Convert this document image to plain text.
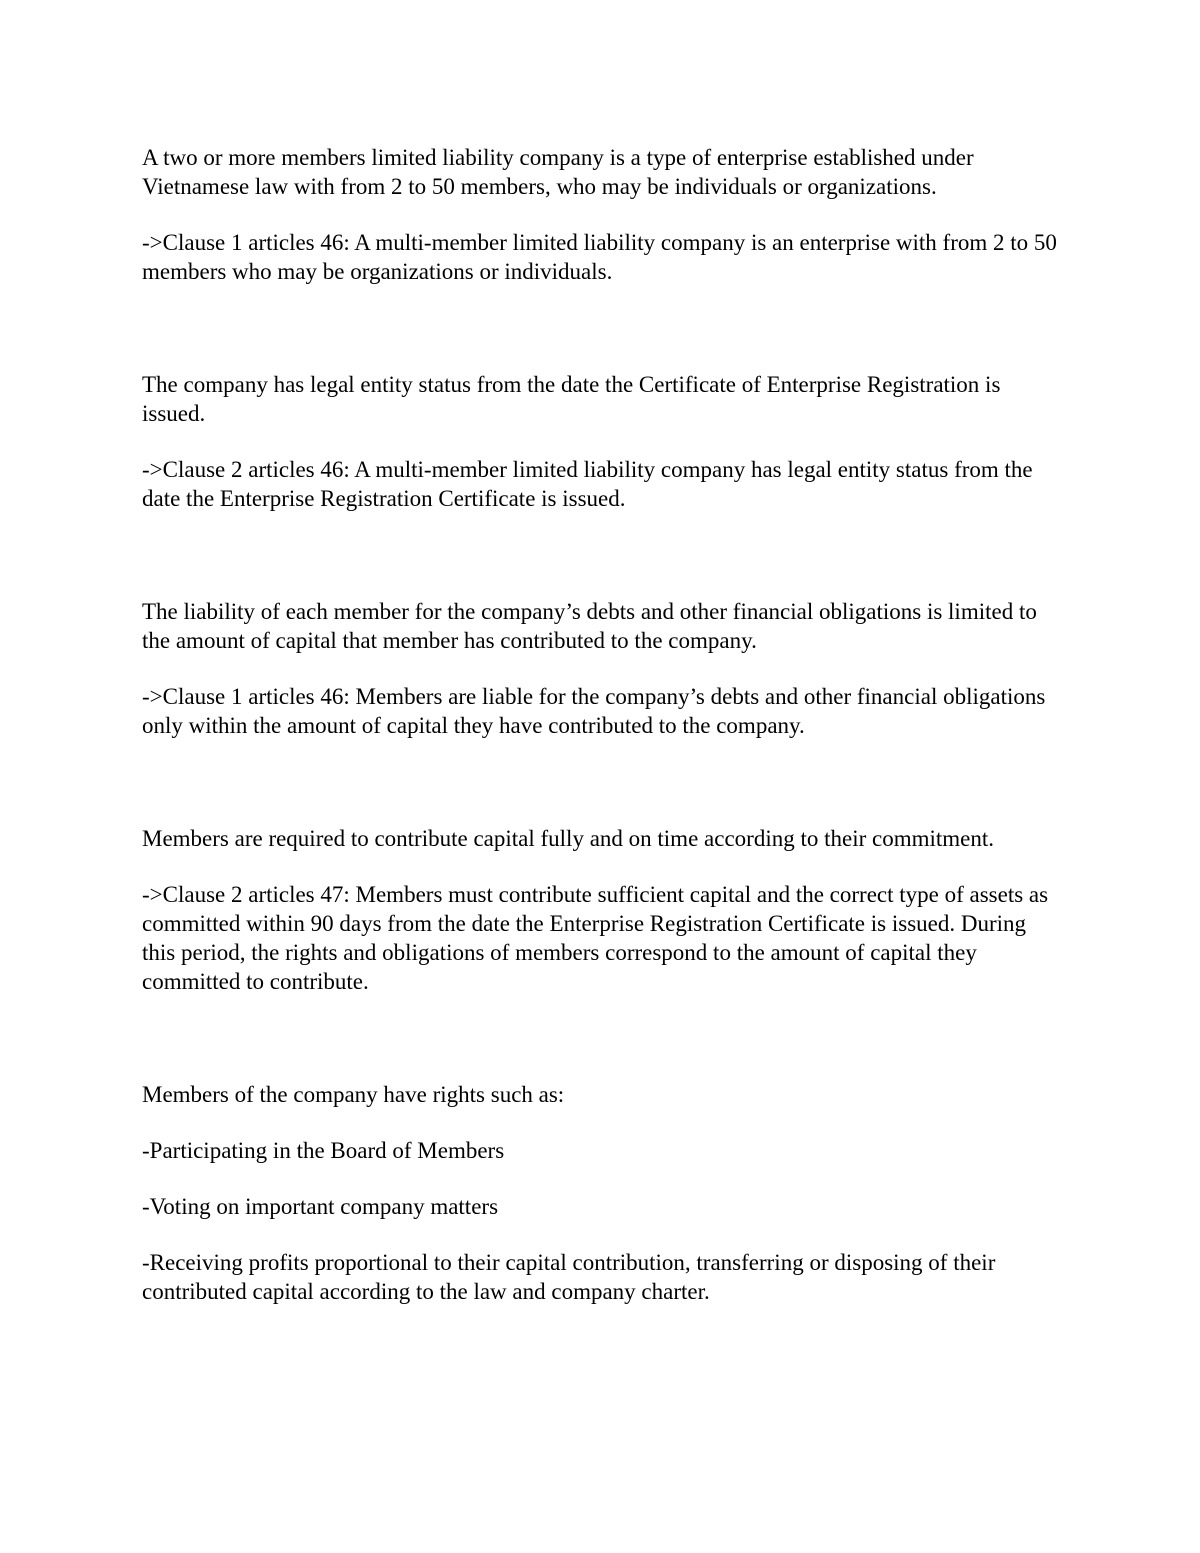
A two or more members limited liability company is a type of enterprise established under Vietnamese law with from 2 to 50 members, who may be individuals or organizations.

->Clause 1 articles 46: A multi-member limited liability company is an enterprise with from 2 to 50 members who may be organizations or individuals.

The company has legal entity status from the date the Certificate of Enterprise Registration is issued.

->Clause 2 articles 46: A multi-member limited liability company has legal entity status from the date the Enterprise Registration Certificate is issued.

The liability of each member for the company’s debts and other financial obligations is limited to the amount of capital that member has contributed to the company.

->Clause 1 articles 46: Members are liable for the company’s debts and other financial obligations only within the amount of capital they have contributed to the company.

Members are required to contribute capital fully and on time according to their commitment.

->Clause 2 articles 47: Members must contribute sufficient capital and the correct type of assets as committed within 90 days from the date the Enterprise Registration Certificate is issued. During this period, the rights and obligations of members correspond to the amount of capital they committed to contribute.

Members of the company have rights such as:

-Participating in the Board of Members

-Voting on important company matters

-Receiving profits proportional to their capital contribution, transferring or disposing of their contributed capital according to the law and company charter.
